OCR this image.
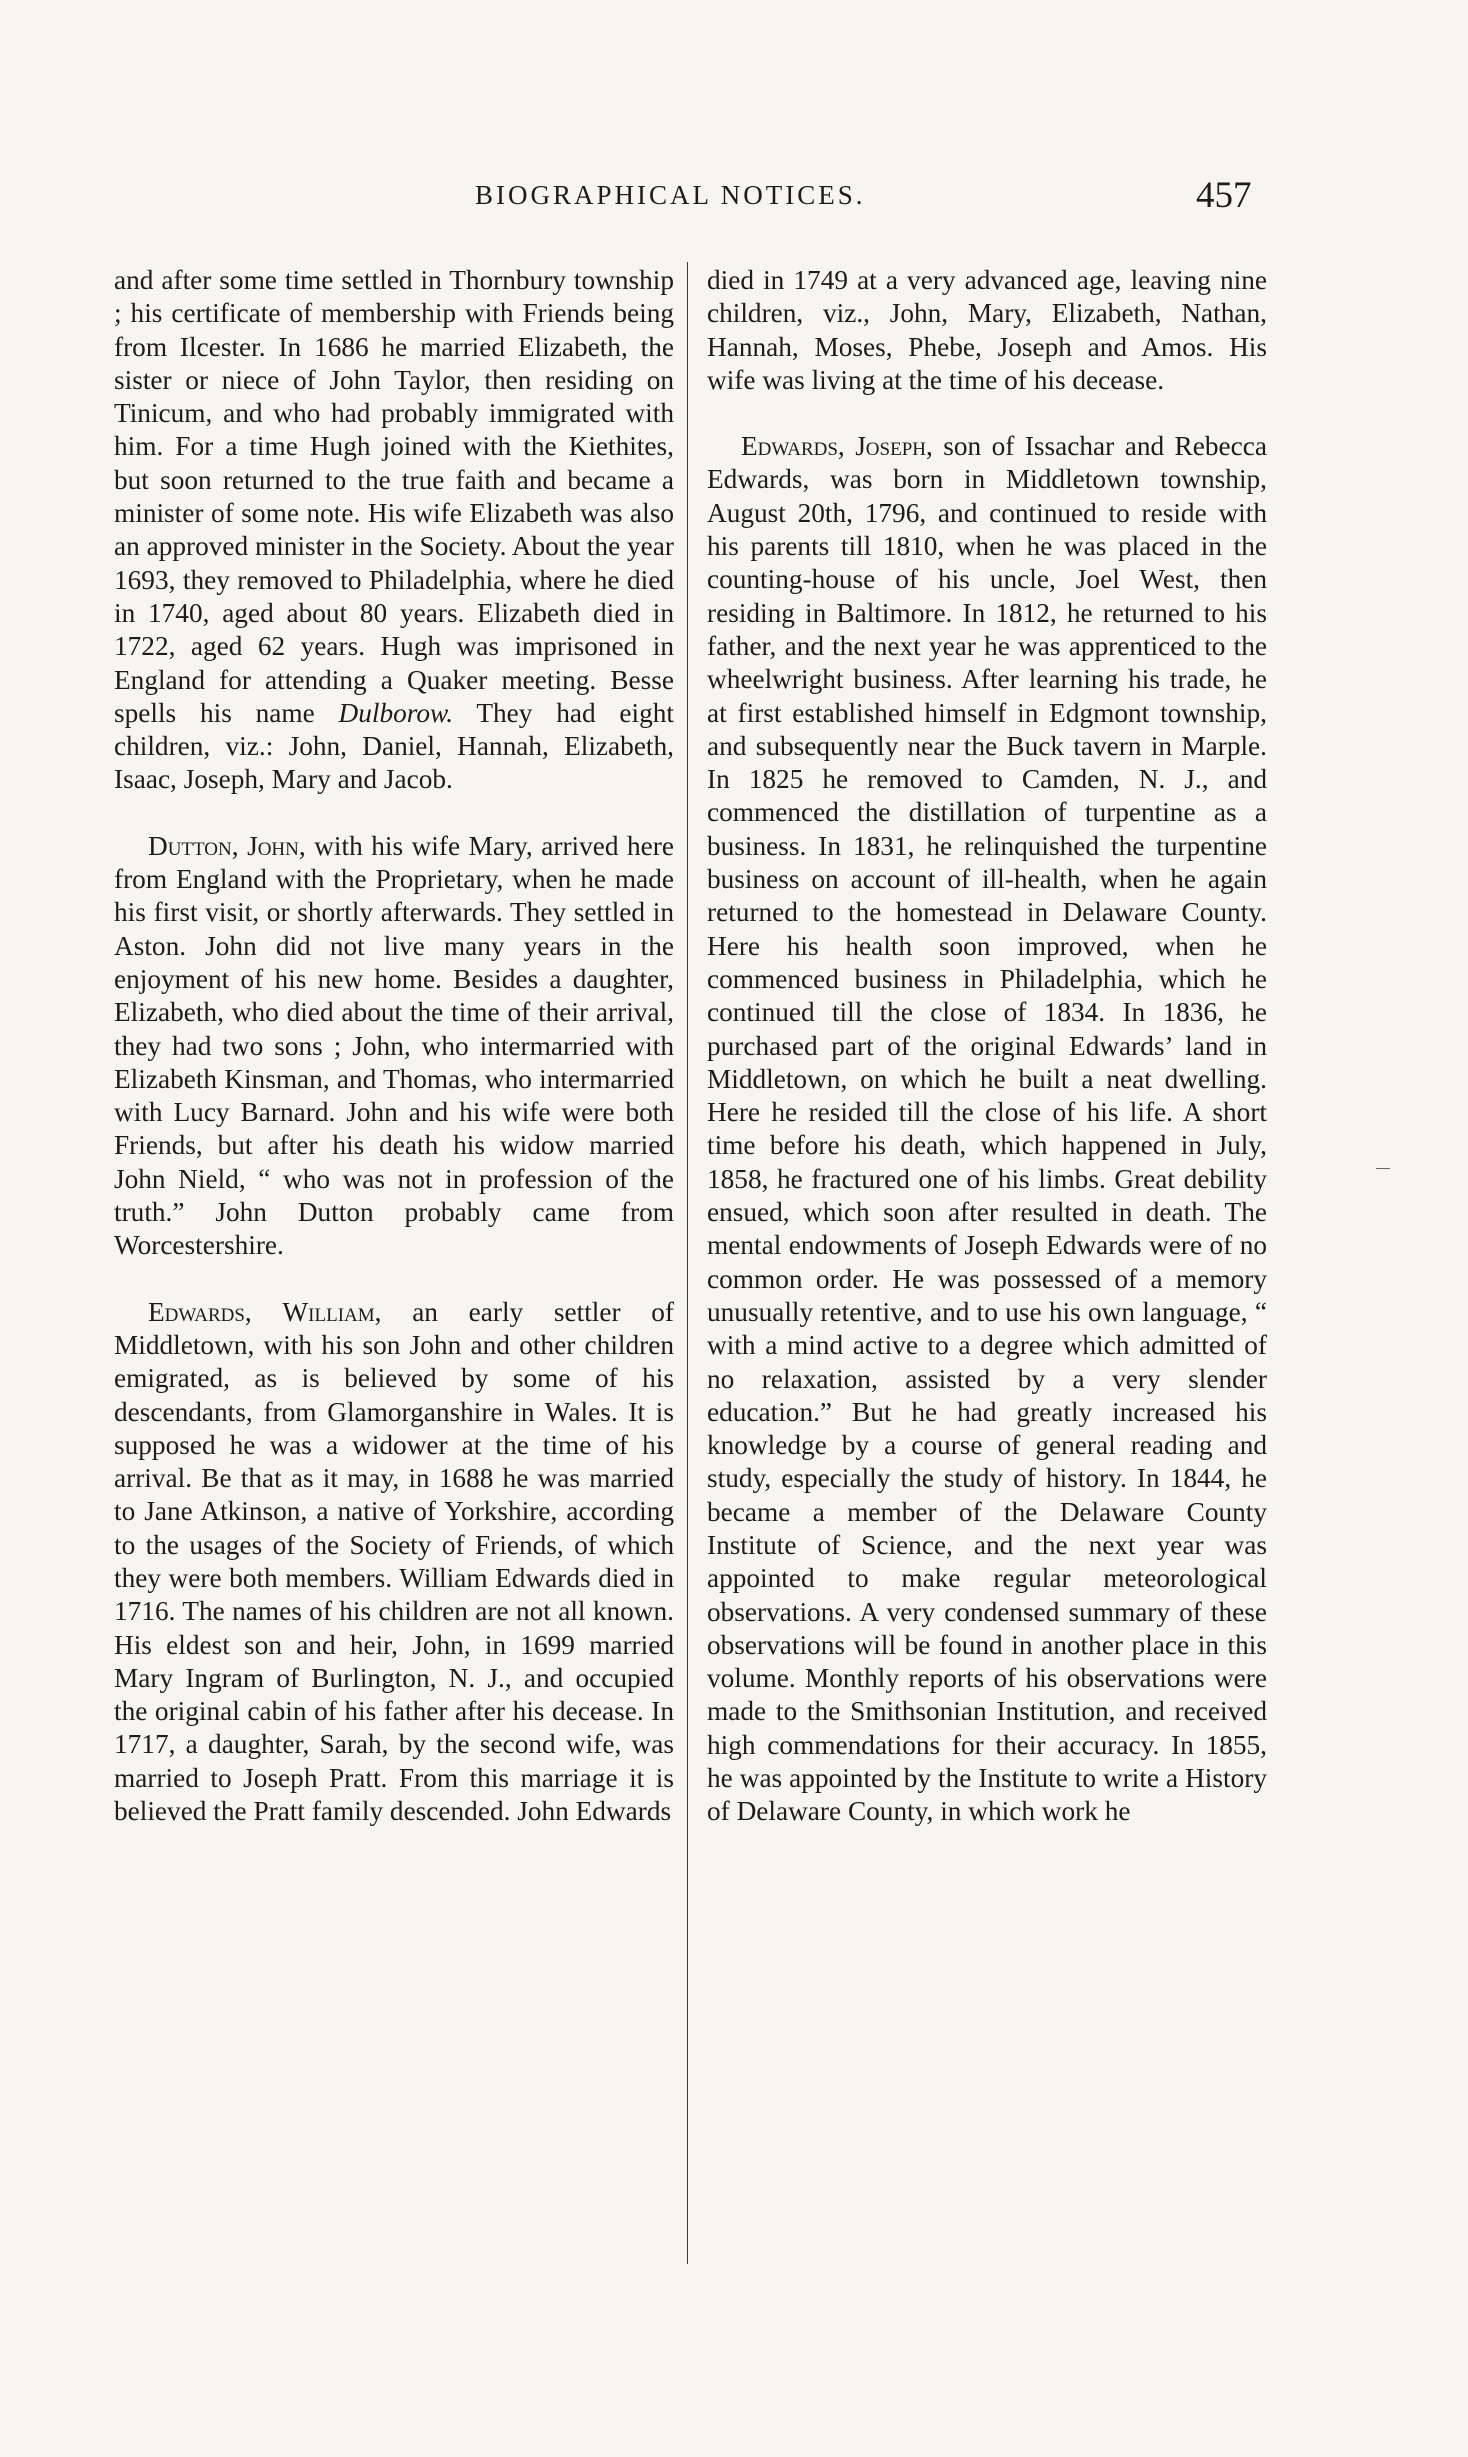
BIOGRAPHICAL NOTICES.	457

and after some time settled in Thornbury township ; his certificate of membership with Friends being from Ilcester. In 1686 he married Elizabeth, the sister or niece of John Taylor, then residing on Tinicum, and who had probably immigrated with him. For a time Hugh joined with the Kiethites, but soon returned to the true faith and became a minister of some note. His wife Elizabeth was also an approved minister in the Society. About the year 1693, they removed to Philadelphia, where he died in 1740, aged about 80 years. Elizabeth died in 1722, aged 62 years. Hugh was imprisoned in England for attending a Quaker meeting. Besse spells his name Dulborow. They had eight children, viz.: John, Daniel, Hannah, Elizabeth, Isaac, Joseph, Mary and Jacob.

Dutton, John, with his wife Mary, arrived here from England with the Proprietary, when he made his first visit, or shortly afterwards. They settled in Aston. John did not live many years in the enjoyment of his new home. Besides a daughter, Elizabeth, who died about the time of their arrival, they had two sons ; John, who intermarried with Elizabeth Kinsman, and Thomas, who intermarried with Lucy Barnard. John and his wife were both Friends, but after his death his widow married John Nield, “ who was not in profession of the truth.” John Dutton probably came from Worcestershire.

Edwards, William, an early settler of Middletown, with his son John and other children emigrated, as is believed by some of his descendants, from Glamorganshire in Wales. It is supposed he was a widower at the time of his arrival. Be that as it may, in 1688 he was married to Jane Atkinson, a native of Yorkshire, according to the usages of the Society of Friends, of which they were both members. William Edwards died in 1716. The names of his children are not all known. His eldest son and heir, John, in 1699 married Mary Ingram of Burlington, N. J., and occupied the original cabin of his father after his decease. In 1717, a daughter, Sarah, by the second wife, was married to Joseph Pratt. From this marriage it is believed the Pratt family descended. John Edwards

died in 1749 at a very advanced age, leaving nine children, viz., John, Mary, Elizabeth, Nathan, Hannah, Moses, Phebe, Joseph and Amos. His wife was living at the time of his decease.

Edwards, Joseph, son of Issachar and Rebecca Edwards, was born in Middletown township, August 20th, 1796, and continued to reside with his parents till 1810, when he was placed in the counting-house of his uncle, Joel West, then residing in Baltimore. In 1812, he returned to his father, and the next year he was apprenticed to the wheelwright business. After learning his trade, he at first established himself in Edgmont township, and subsequently near the Buck tavern in Marple. In 1825 he removed to Camden, N. J., and commenced the distillation of turpentine as a business. In 1831, he relinquished the turpentine business on account of ill-health, when he again returned to the homestead in Delaware County. Here his health soon improved, when he commenced business in Philadelphia, which he continued till the close of 1834. In 1836, he purchased part of the original Edwards’ land in Middletown, on which he built a neat dwelling. Here he resided till the close of his life. A short time before his death, which happened in July, 1858, he fractured one of his limbs. Great debility ensued, which soon after resulted in death. The mental endowments of Joseph Edwards were of no common order. He was possessed of a memory unusually retentive, and to use his own language, “ with a mind active to a degree which admitted of no relaxation, assisted by a very slender education.” But he had greatly increased his knowledge by a course of general reading and study, especially the study of history. In 1844, he became a member of the Delaware County Institute of Science, and the next year was appointed to make regular meteorological observations. A very condensed summary of these observations will be found in another place in this volume. Monthly reports of his observations were made to the Smithsonian Institution, and received high commendations for their accuracy. In 1855, he was appointed by the Institute to write a History of Delaware County, in which work he
